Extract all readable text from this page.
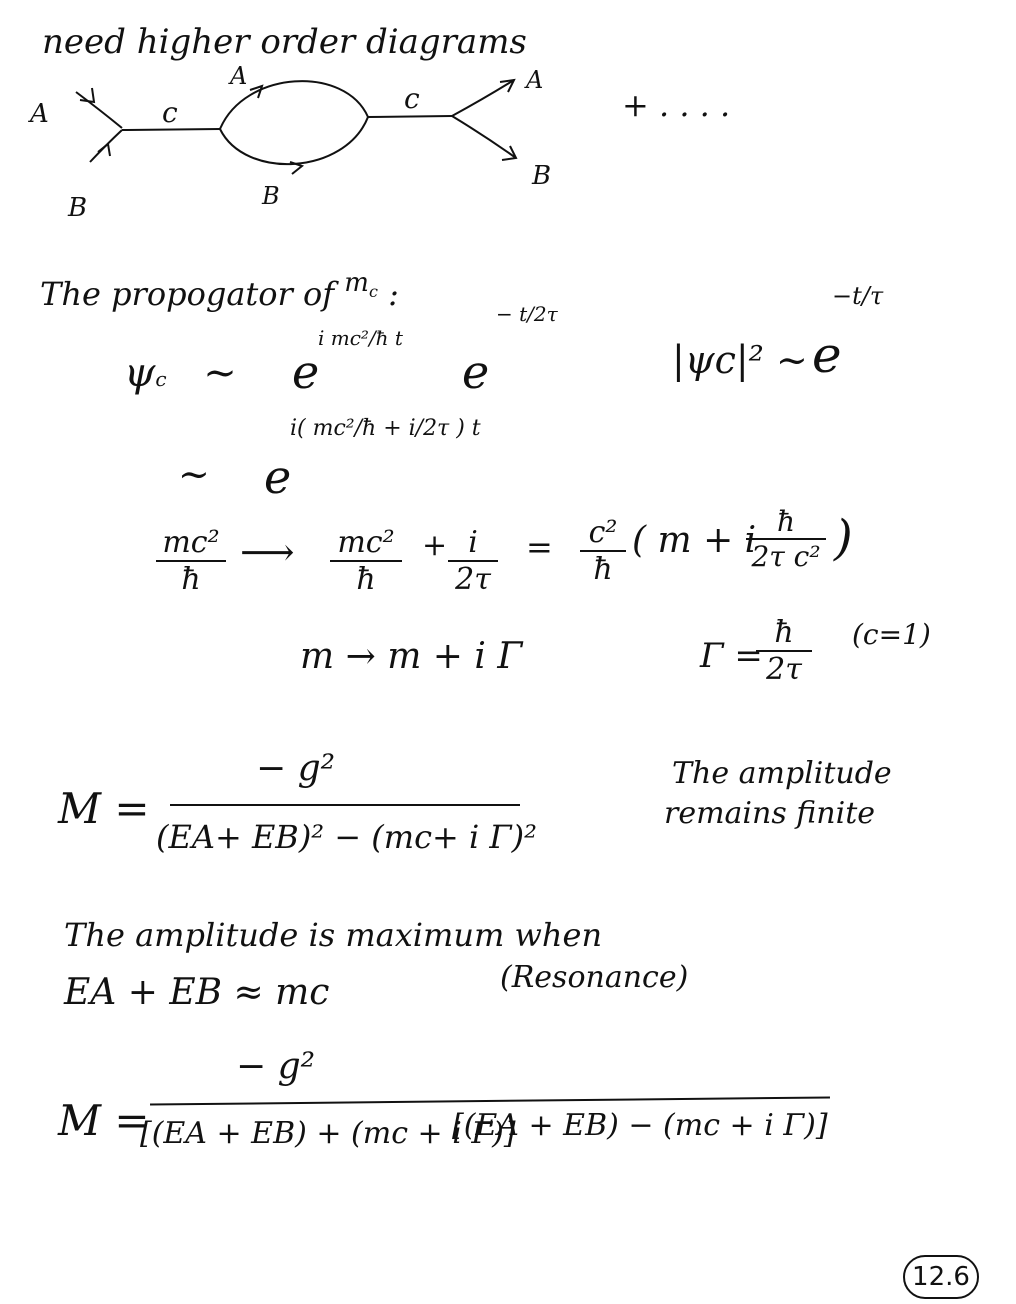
need higher order diagrams
A
B
c
A
B
c
A
B
+ . . . .
The propogator of $^{mc}$ :
ψc ~ e
i mc²/ħ t
e
− t/2τ
|ψc|² ~ e
−t/τ
~ e
i( mc²/ħ + i/2τ ) t
$\frac{\text{mc²}}{ħ}$ ⟶ $\frac{\text{mc²}}{ħ} + \frac{i}{2\tau} = \frac{\text{c²}}{ħ}$ ( m + i
$\frac{ħ}{\text{2τ c²}}$ )
m → m + i Γ	Γ =
$\frac{ħ}{2\tau} (c=1)$
M =
− g²
(EA+ EB)² − (mc+ i Γ)²
The amplitude
remains finite
The amplitude is maximum when
EA + EB ≈ mc	(Resonance)
M =
− g²
[(EA + EB) + (mc + i Γ)]
[(EA + EB) − (mc + i Γ)]
12.6
